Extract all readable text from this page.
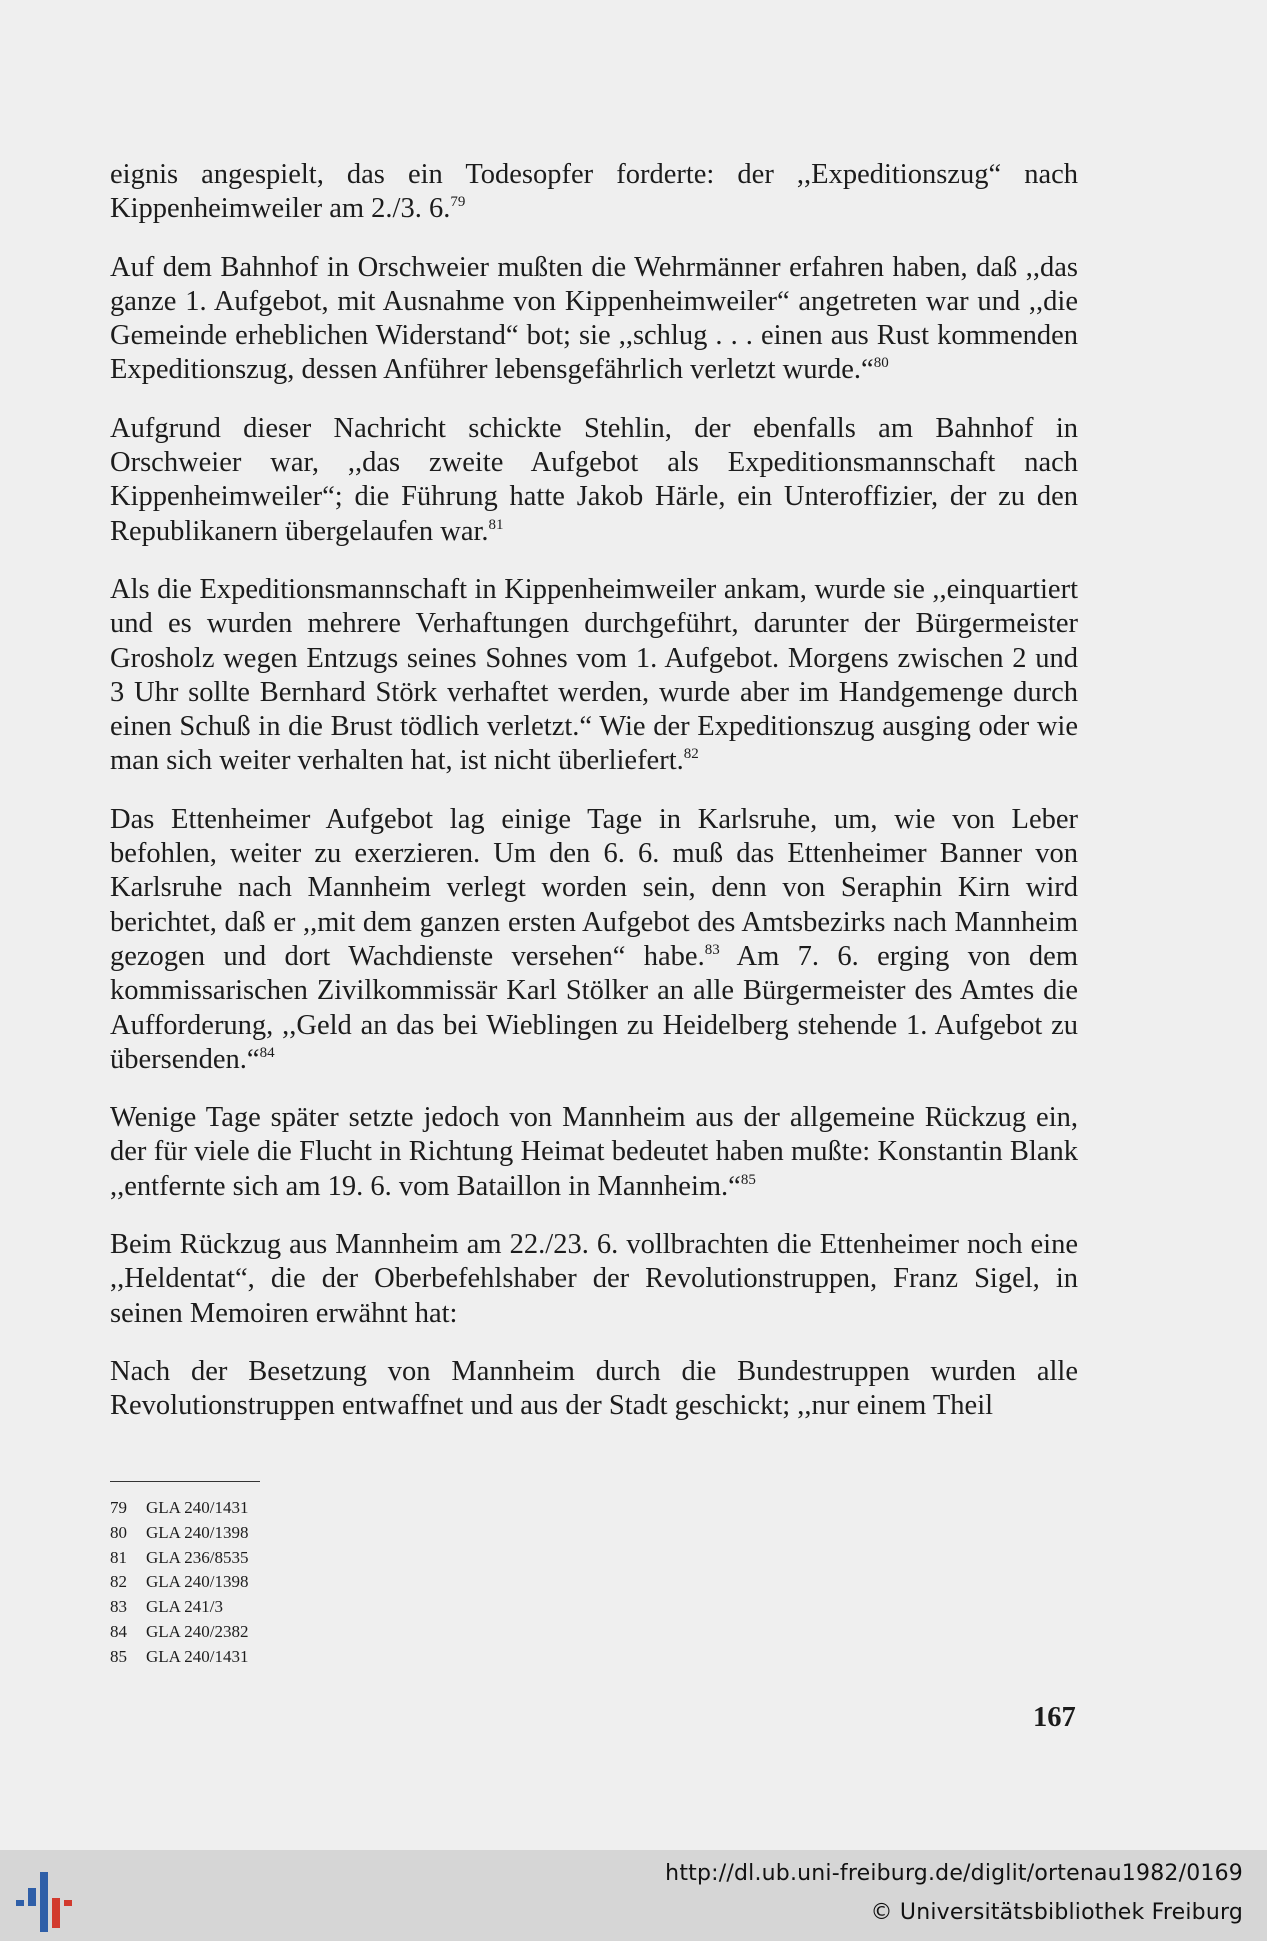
eignis angespielt, das ein Todesopfer forderte: der ,,Expeditionszug“ nach Kippenheimweiler am 2./3. 6.79

Auf dem Bahnhof in Orschweier mußten die Wehrmänner erfahren haben, daß ,,das ganze 1. Aufgebot, mit Ausnahme von Kippenheimweiler“ angetreten war und ,,die Gemeinde erheblichen Widerstand“ bot; sie ,,schlug . . . einen aus Rust kommenden Expeditionszug, dessen Anführer lebensgefährlich verletzt wurde.“$^{80}$

Aufgrund dieser Nachricht schickte Stehlin, der ebenfalls am Bahnhof in Orschweier war, ,,das zweite Aufgebot als Expeditionsmannschaft nach Kippenheimweiler“; die Führung hatte Jakob Härle, ein Unteroffizier, der zu den Republikanern übergelaufen war.$^{81}$

Als die Expeditionsmannschaft in Kippenheimweiler ankam, wurde sie ,,einquartiert und es wurden mehrere Verhaftungen durchgeführt, darunter der Bürgermeister Grosholz wegen Entzugs seines Sohnes vom 1. Aufgebot. Morgens zwischen 2 und 3 Uhr sollte Bernhard Störk verhaftet werden, wurde aber im Handgemenge durch einen Schuß in die Brust tödlich verletzt.“ Wie der Expeditionszug ausging oder wie man sich weiter verhalten hat, ist nicht überliefert.$^{82}$

Das Ettenheimer Aufgebot lag einige Tage in Karlsruhe, um, wie von Leber befohlen, weiter zu exerzieren. Um den 6. 6. muß das Ettenheimer Banner von Karlsruhe nach Mannheim verlegt worden sein, denn von Seraphin Kirn wird berichtet, daß er ,,mit dem ganzen ersten Aufgebot des Amtsbezirks nach Mannheim gezogen und dort Wachdienste versehen“ habe.$^{83}$ Am 7. 6. erging von dem kommissarischen Zivilkommissär Karl Stölker an alle Bürgermeister des Amtes die Aufforderung, ,,Geld an das bei Wieblingen zu Heidelberg stehende 1. Aufgebot zu übersenden.“$^{84}$

Wenige Tage später setzte jedoch von Mannheim aus der allgemeine Rückzug ein, der für viele die Flucht in Richtung Heimat bedeutet haben mußte: Konstantin Blank ,,entfernte sich am 19. 6. vom Bataillon in Mannheim.“$^{85}$

Beim Rückzug aus Mannheim am 22./23. 6. vollbrachten die Ettenheimer noch eine ,,Heldentat“, die der Oberbefehlshaber der Revolutionstruppen, Franz Sigel, in seinen Memoiren erwähnt hat:

Nach der Besetzung von Mannheim durch die Bundestruppen wurden alle Revolutionstruppen entwaffnet und aus der Stadt geschickt; ,,nur einem Theil

79 GLA 240/1431
80 GLA 240/1398
81 GLA 236/8535
82 GLA 240/1398
83 GLA 241/3
84 GLA 240/2382
85 GLA 240/1431
167
http://dl.ub.uni-freiburg.de/diglit/ortenau1982/0169
© Universitätsbibliothek Freiburg
